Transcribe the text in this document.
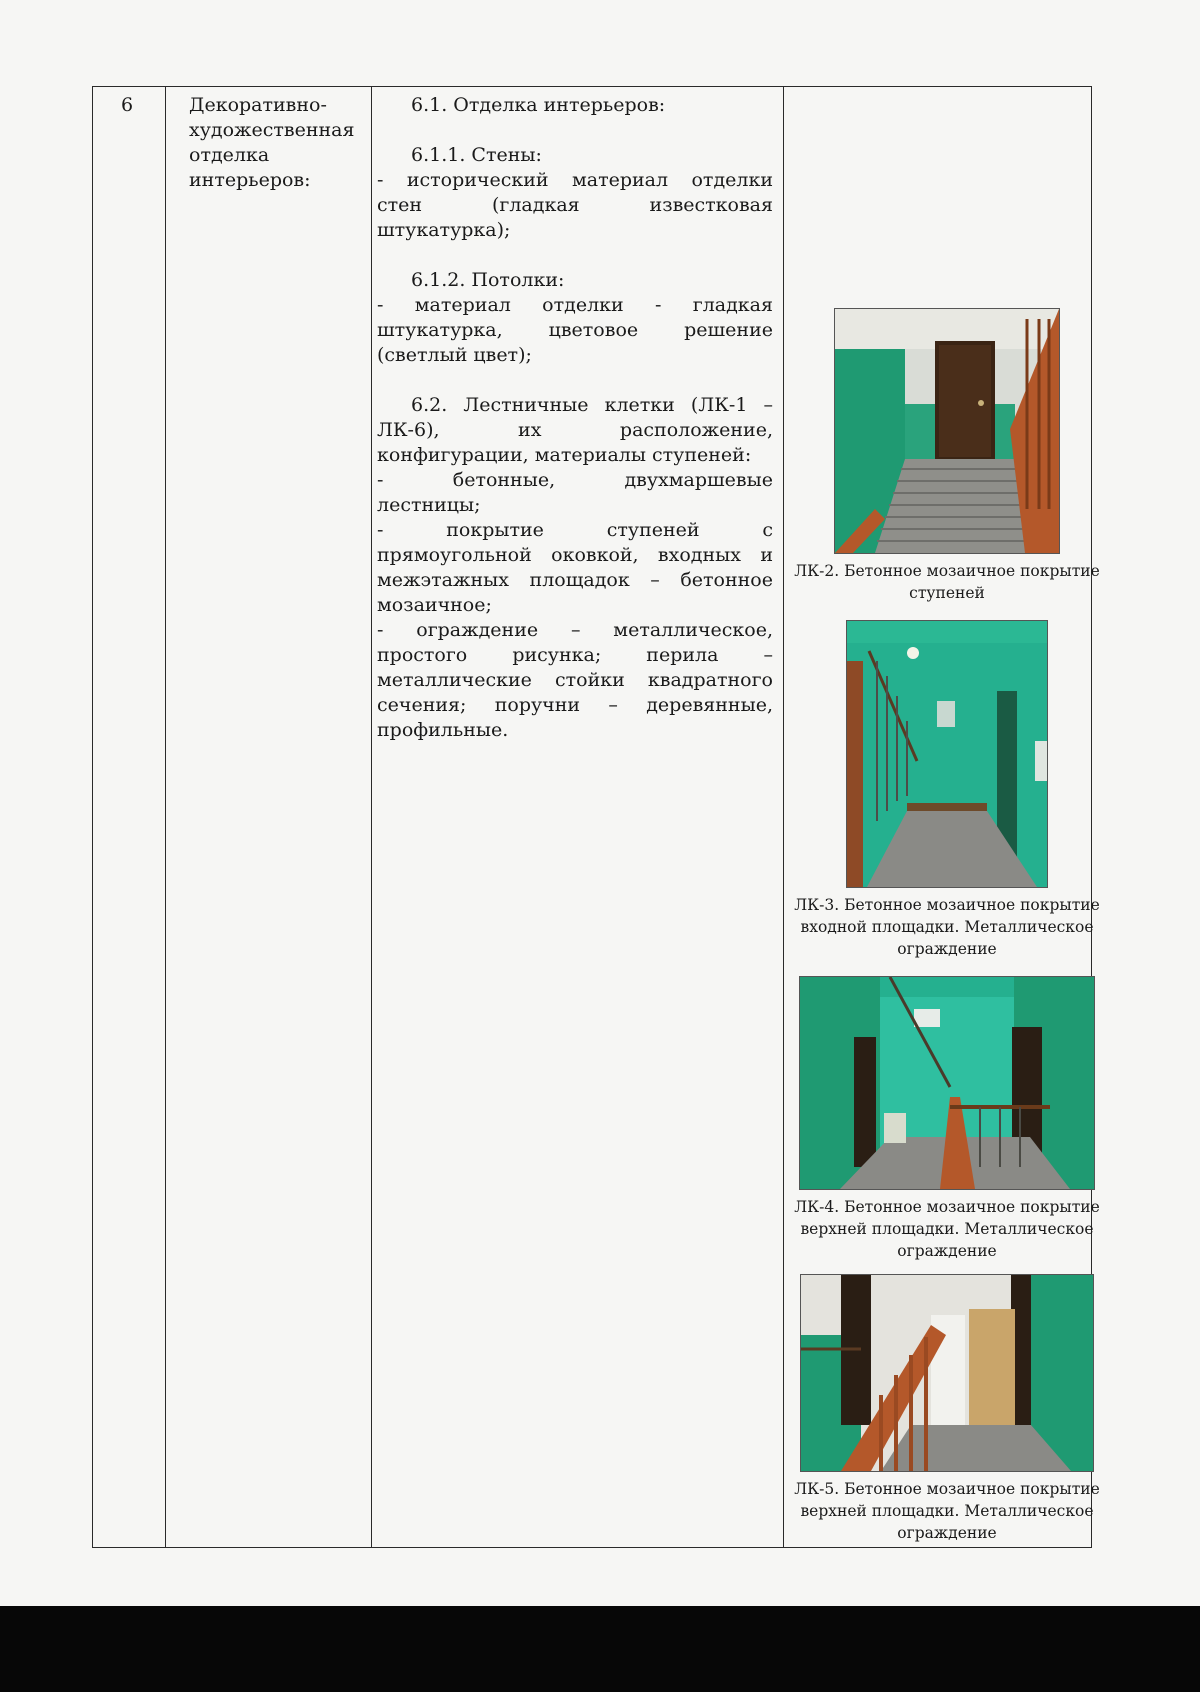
6	Декоративно-
художественная
отделка
интерьеров:

6.1. Отделка интерьеров:

6.1.1. Стены:

- исторический материал отделки

стен (гладкая известковая штукатурка);

6.1.2. Потолки:

- материал отделки - гладкая

штукатурка, цветовое решение

(светлый цвет);

6.2. Лестничные клетки (ЛК-1 –

ЛК-6), их расположение,

конфигурации, материалы ступеней:

- бетонные, двухмаршевые

лестницы;

- покрытие ступеней с

прямоугольной оковкой, входных и

межэтажных площадок – бетонное

мозаичное;

- ограждение – металлическое,

простого рисунка; перила –

металлические стойки квадратного

сечения; поручни – деревянные,

профильные.

ЛК-2. Бетонное мозаичное покрытие
ступеней
ЛК-3. Бетонное мозаичное покрытие
входной площадки. Металлическое
ограждение
ЛК-4. Бетонное мозаичное покрытие
верхней площадки. Металлическое
ограждение
ЛК-5. Бетонное мозаичное покрытие
верхней площадки. Металлическое
ограждение
